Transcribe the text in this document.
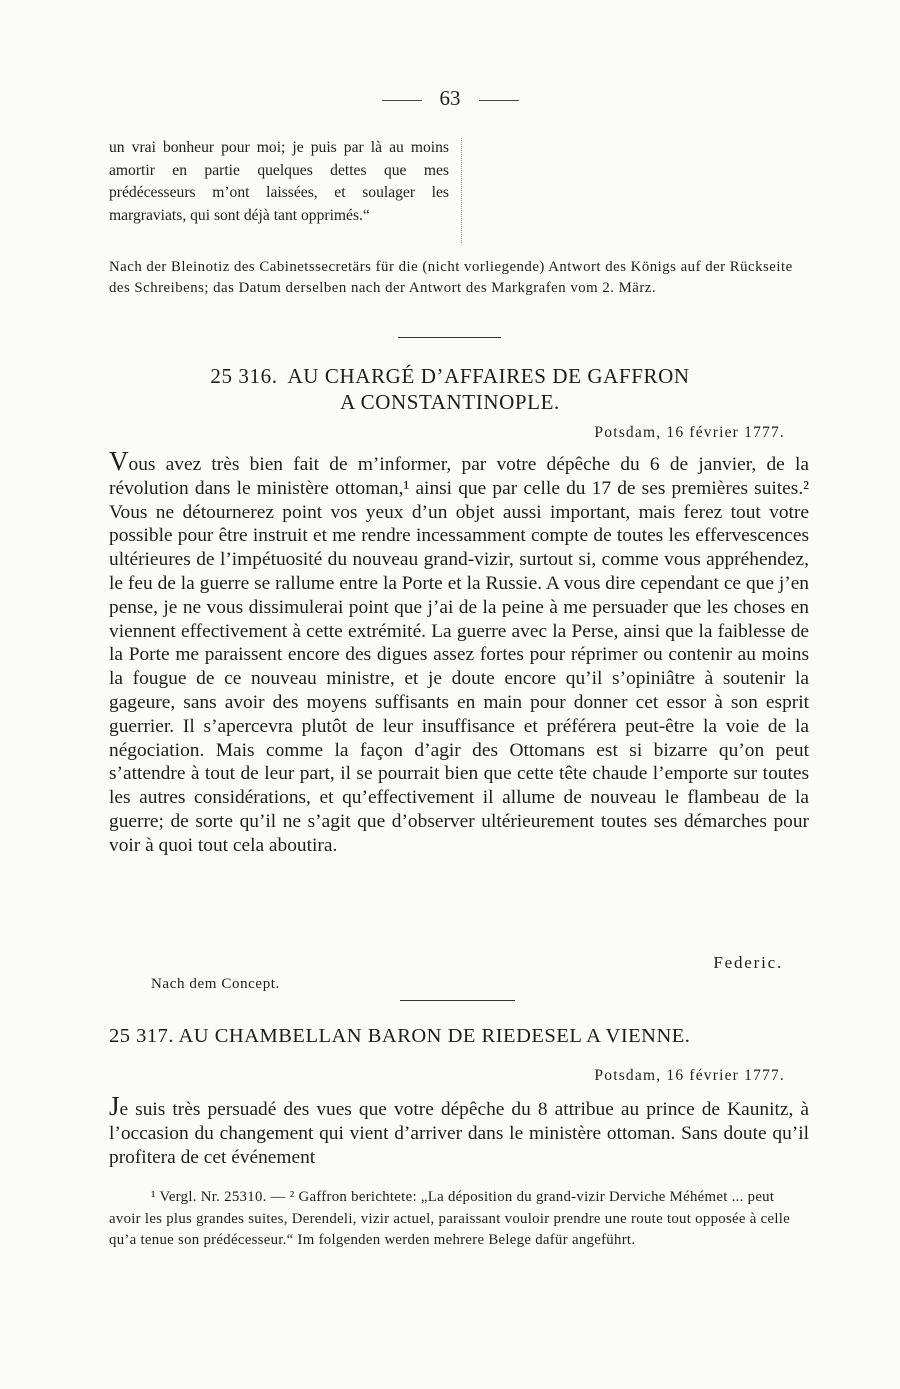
63
un vrai bonheur pour moi; je puis par là au moins amortir en partie quelques dettes que mes prédécesseurs m’ont laissées, et soulager les margraviats, qui sont déjà tant opprimés.“
Nach der Bleinotiz des Cabinetssecretärs für die (nicht vorliegende) Antwort des Königs auf der Rückseite des Schreibens; das Datum derselben nach der Antwort des Markgrafen vom 2. März.
25 316. AU CHARGÉ D’AFFAIRES DE GAFFRON
A CONSTANTINOPLE.
Potsdam, 16 février 1777.
Vous avez très bien fait de m’informer, par votre dépêche du 6 de janvier, de la révolution dans le ministère ottoman,¹ ainsi que par celle du 17 de ses premières suites.² Vous ne détournerez point vos yeux d’un objet aussi important, mais ferez tout votre possible pour être instruit et me rendre incessamment compte de toutes les effervescences ultérieures de l’impétuosité du nouveau grand-vizir, surtout si, comme vous appréhendez, le feu de la guerre se rallume entre la Porte et la Russie. A vous dire cependant ce que j’en pense, je ne vous dissimulerai point que j’ai de la peine à me persuader que les choses en viennent effectivement à cette extrémité. La guerre avec la Perse, ainsi que la faiblesse de la Porte me paraissent encore des digues assez fortes pour réprimer ou contenir au moins la fougue de ce nouveau ministre, et je doute encore qu’il s’opiniâtre à soutenir la gageure, sans avoir des moyens suffisants en main pour donner cet essor à son esprit guerrier. Il s’apercevra plutôt de leur insuffisance et préférera peut-être la voie de la négociation. Mais comme la façon d’agir des Ottomans est si bizarre qu’on peut s’attendre à tout de leur part, il se pourrait bien que cette tête chaude l’emporte sur toutes les autres considérations, et qu’effectivement il allume de nouveau le flambeau de la guerre; de sorte qu’il ne s’agit que d’observer ultérieurement toutes ses démarches pour voir à quoi tout cela aboutira.
Federic.
Nach dem Concept.
25 317. AU CHAMBELLAN BARON DE RIEDESEL A VIENNE.
Potsdam, 16 février 1777.
Je suis très persuadé des vues que votre dépêche du 8 attribue au prince de Kaunitz, à l’occasion du changement qui vient d’arriver dans le ministère ottoman. Sans doute qu’il profitera de cet événement
¹ Vergl. Nr. 25310. — ² Gaffron berichtete: „La déposition du grand-vizir Derviche Méhémet ... peut avoir les plus grandes suites, Derendeli, vizir actuel, paraissant vouloir prendre une route tout opposée à celle qu’a tenue son prédécesseur.“ Im folgenden werden mehrere Belege dafür angeführt.
